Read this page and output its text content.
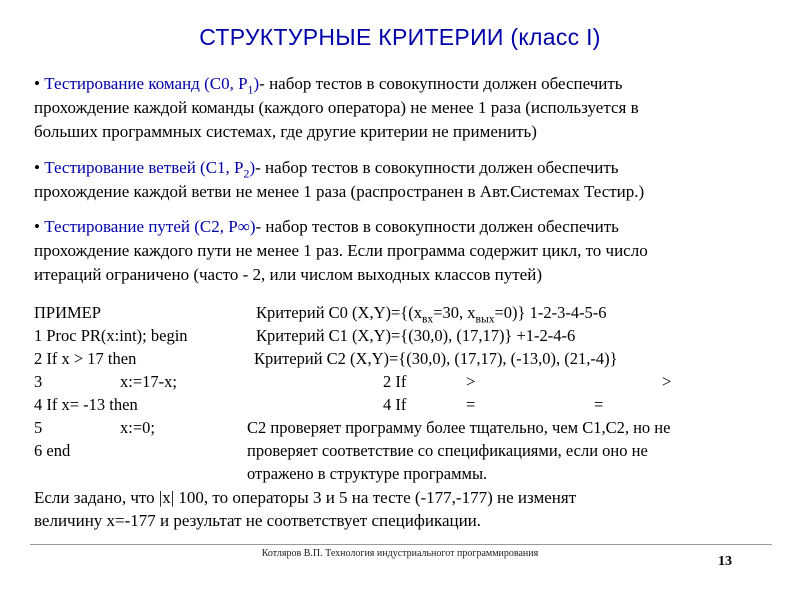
СТРУКТУРНЫЕ КРИТЕРИИ (класс I)
• Тестирование команд (C0, $P_1)-$ набор тестов в совокупности должен обеспечить
прохождение каждой команды (каждого оператора) не менее 1 раза (используется в
больших программных системах, где другие критерии не применить)
• Тестирование ветвей (C1, $P_2)-$ набор тестов в совокупности должен обеспечить
прохождение каждой ветви не менее 1 раза (распространен в Авт.Системах Тестир.)
• Тестирование путей (C2, P∞)- набор тестов в совокупности должен обеспечить
прохождение каждого пути не менее 1 раз. Если программа содержит цикл, то число
итераций ограничено (часто - 2, или числом выходных классов путей)
ПРИМЕР
1 Proc PR(x:int); begin
2 If x > 17 then
3	x:=17-x;
4 If x= -13 then
5	x:=0;
6 end
Критерий С0 $(X,Y)=\{(x_{вх}=30$, $x_{вых}=0$)} 1-2-3-4-5-6
Критерий С1 (X,Y)={(30,0), (17,17)} +1-2-4-6
Критерий С2 (X,Y)={(30,0), (17,17), (-13,0), (21,-4)}
2 If	>	>
4 If	=	=
С2 проверяет программу более тщательно, чем С1,С2, но не
проверяет соответствие со спецификациями, если оно не
отражено в структуре программы.
Если задано, что |x| 100, то операторы 3 и 5 на тесте (-177,-177) не изменят
величину x=-177 и результат не соответствует спецификации.
Котляров В.П. Технология индустриальногот программирования
13
